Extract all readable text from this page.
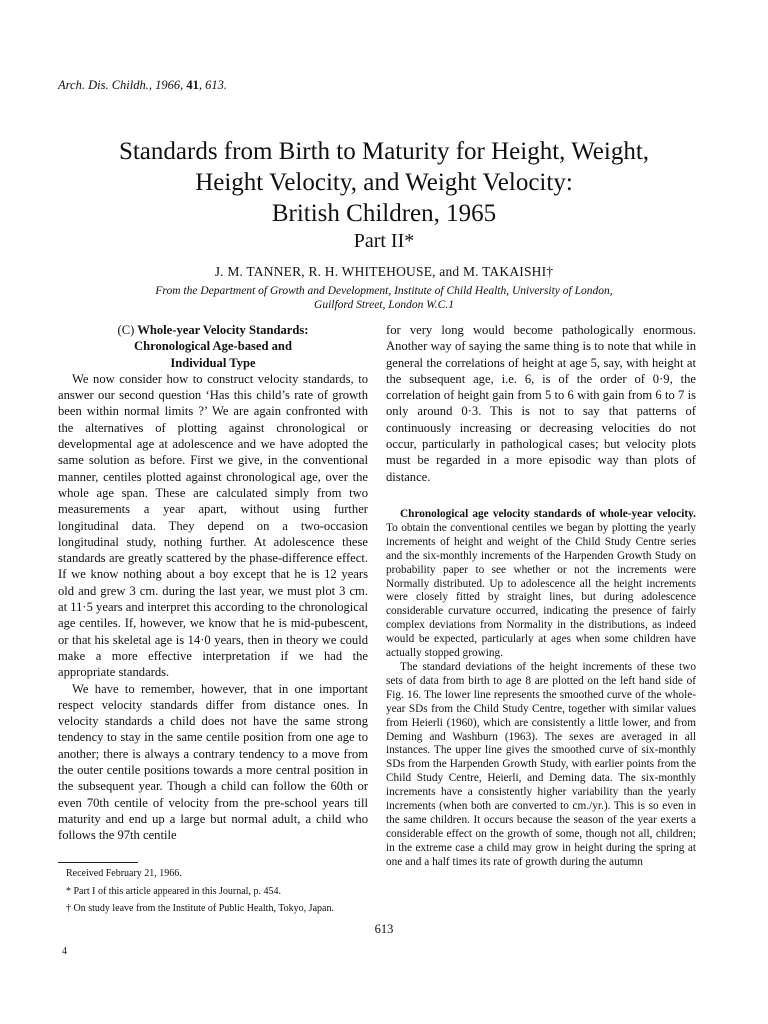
Arch. Dis. Childh., 1966, 41, 613.
Standards from Birth to Maturity for Height, Weight,
Height Velocity, and Weight Velocity:
British Children, 1965
Part II*
J. M. TANNER, R. H. WHITEHOUSE, and M. TAKAISHI†
From the Department of Growth and Development, Institute of Child Health, University of London,
Guilford Street, London W.C.1
(C) Whole-year Velocity Standards:
Chronological Age-based and
Individual Type

We now consider how to construct velocity standards, to answer our second question ‘Has this child’s rate of growth been within normal limits ?’ We are again confronted with the alternatives of plotting against chronological or developmental age at adolescence and we have adopted the same solution as before. First we give, in the conventional manner, centiles plotted against chronological age, over the whole age span. These are calculated simply from two measurements a year apart, without using further longitudinal data. They depend on a two-occasion longitudinal study, nothing further. At adolescence these standards are greatly scattered by the phase-difference effect. If we know nothing about a boy except that he is 12 years old and grew 3 cm. during the last year, we must plot 3 cm. at 11·5 years and interpret this according to the chronological age centiles. If, however, we know that he is mid-pubescent, or that his skeletal age is 14·0 years, then in theory we could make a more effective interpretation if we had the appropriate standards.

We have to remember, however, that in one important respect velocity standards differ from distance ones. In velocity standards a child does not have the same strong tendency to stay in the same centile position from one age to another; there is always a contrary tendency to a move from the outer centile positions towards a more central position in the subsequent year. Though a child can follow the 60th or even 70th centile of velocity from the pre-school years till maturity and end up a large but normal adult, a child who follows the 97th centile

for very long would become pathologically enormous. Another way of saying the same thing is to note that while in general the correlations of height at age 5, say, with height at the subsequent age, i.e. 6, is of the order of 0·9, the correlation of height gain from 5 to 6 with gain from 6 to 7 is only around 0·3. This is not to say that patterns of continuously increasing or decreasing velocities do not occur, particularly in pathological cases; but velocity plots must be regarded in a more episodic way than plots of distance.

Chronological age velocity standards of whole-year velocity. To obtain the conventional centiles we began by plotting the yearly increments of height and weight of the Child Study Centre series and the six-monthly increments of the Harpenden Growth Study on probability paper to see whether or not the increments were Normally distributed. Up to adolescence all the height increments were closely fitted by straight lines, but during adolescence considerable curvature occurred, indicating the presence of fairly complex deviations from Normality in the distributions, as indeed would be expected, particularly at ages when some children have actually stopped growing.

The standard deviations of the height increments of these two sets of data from birth to age 8 are plotted on the left hand side of Fig. 16. The lower line represents the smoothed curve of the whole-year SDs from the Child Study Centre, together with similar values from Heierli (1960), which are consistently a little lower, and from Deming and Washburn (1963). The sexes are averaged in all instances. The upper line gives the smoothed curve of six-monthly SDs from the Harpenden Growth Study, with earlier points from the Child Study Centre, Heierli, and Deming data. The six-monthly increments have a consistently higher variability than the yearly increments (when both are converted to cm./yr.). This is so even in the same children. It occurs because the season of the year exerts a considerable effect on the growth of some, though not all, children; in the extreme case a child may grow in height during the spring at one and a half times its rate of growth during the autumn

Received February 21, 1966.
* Part I of this article appeared in this Journal, p. 454.
† On study leave from the Institute of Public Health, Tokyo, Japan.
613
4
